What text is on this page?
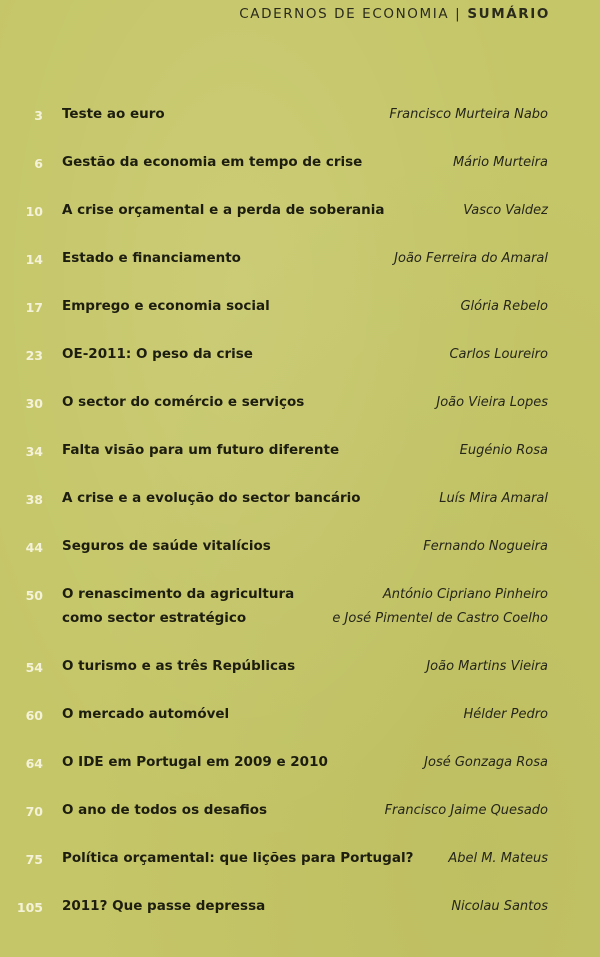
CADERNOS DE ECONOMIA | SUMÁRIO
3 Teste ao euro	Francisco Murteira Nabo
6 Gestão da economia em tempo de crise	Mário Murteira
10 A crise orçamental e a perda de soberania	Vasco Valdez
14 Estado e financiamento	João Ferreira do Amaral
17 Emprego e economia social	Glória Rebelo
23 OE-2011: O peso da crise	Carlos Loureiro
30 O sector do comércio e serviços	João Vieira Lopes
34 Falta visão para um futuro diferente	Eugénio Rosa
38 A crise e a evolução do sector bancário	Luís Mira Amaral
44 Seguros de saúde vitalícios	Fernando Nogueira
50 O renascimento da agricultura
como sector estratégico
António Cipriano Pinheiro
e José Pimentel de Castro Coelho
54 O turismo e as três Repúblicas	João Martins Vieira
60 O mercado automóvel	Hélder Pedro
64 O IDE em Portugal em 2009 e 2010	José Gonzaga Rosa
70 O ano de todos os desafios	Francisco Jaime Quesado
75 Política orçamental: que lições para Portugal?	Abel M. Mateus
105 2011? Que passe depressa	Nicolau Santos
